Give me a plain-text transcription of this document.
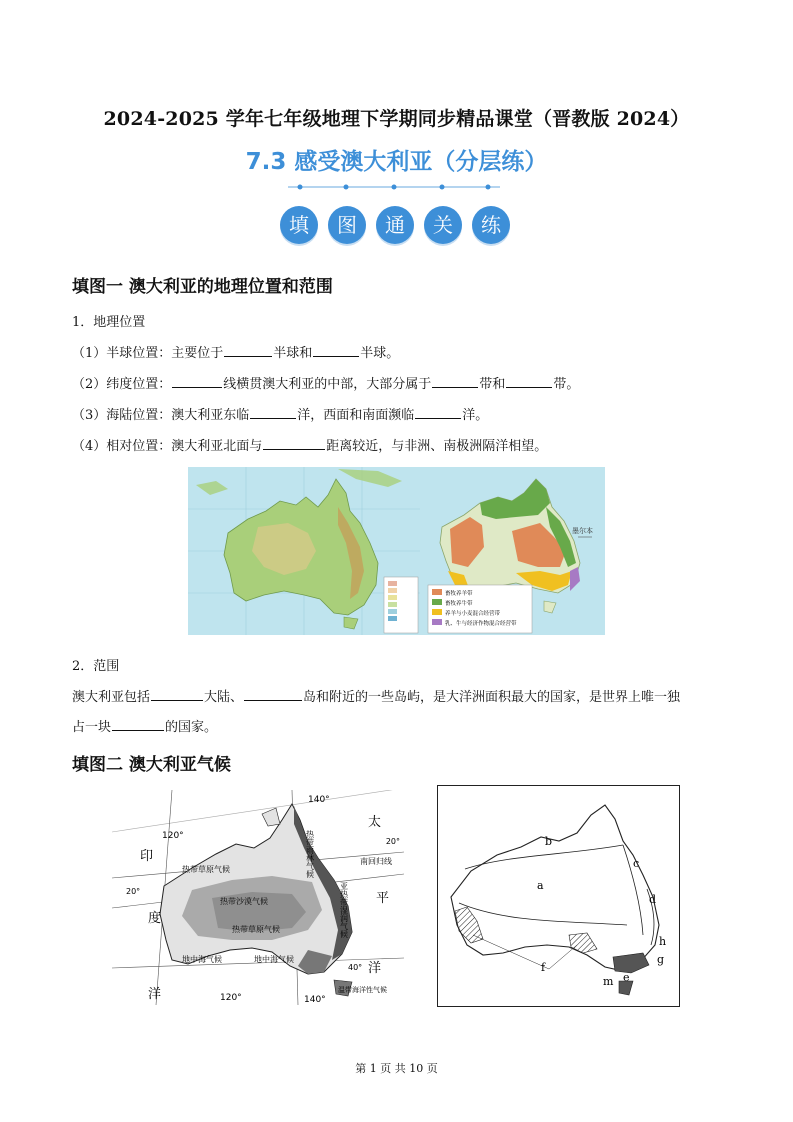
2024-2025 学年七年级地理下学期同步精品课堂（晋教版 2024）
7.3 感受澳大利亚（分层练）
填	图	通	关	练
填图一 澳大利亚的地理位置和范围
1．地理位置
（1）半球位置：主要位于	半球和	半球。
（2）纬度位置：	线横贯澳大利亚的中部，大部分属于	带和	带。
（3）海陆位置：澳大利亚东临	洋，西面和南面濒临	洋。
（4）相对位置：澳大利亚北面与	距离较近，与非洲、南极洲隔洋相望。
墨尔本
畜牧养羊带
畜牧养牛带
养羊与小麦混合经营带
乳、牛与经济作物混合经营带
2．范围
澳大利亚包括	大陆、	岛和附近的一些岛屿，是大洋洲面积最大的国家，是世界上唯一独
占一块	的国家。
填图二 澳大利亚气候
140°
120°
140°
120°
20°
20°
40°
南回归线
热带草原气候
热带沙漠气候
热带草原气候
地中海气候	地中海气候
温带海洋性气候
热带雨林气候
亚热带湿润气候
印
度
洋
太
平
洋
b
a
c
d
e
f
g
h
m
第 1 页 共 10 页
